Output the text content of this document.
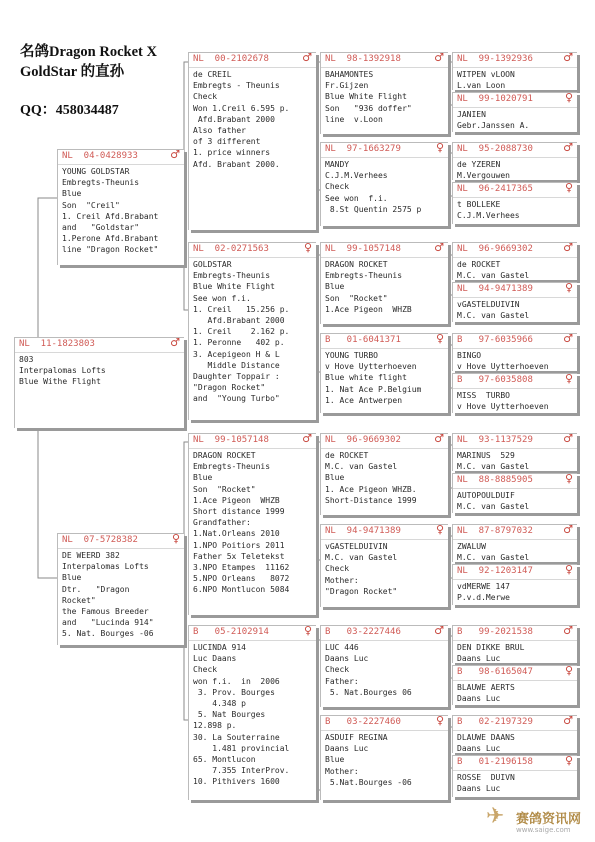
名鸽Dragon Rocket X
GoldStar 的直孙
QQ：458034487
NL  11-1823803	♂
803
Interpalomas Lofts
Blue Withe Flight
NL  04-0428933	♂
YOUNG GOLDSTAR
Embregts-Theunis
Blue
Son  "Creil"
1. Creil Afd.Brabant
and   "Goldstar"
1.Perone Afd.Brabant
line "Dragon Rocket"
NL  07-5728382	♀
DE WEERD 382
Interpalomas Lofts
Blue
Dtr.   "Dragon
Rocket"
the Famous Breeder
and   "Lucinda 914"
5. Nat. Bourges -06
NL  00-2102678	♂
de CREIL
Embregts - Theunis
Check
Won 1.Creil 6.595 p.
Afd.Brabant 2000
Also father
of 3 different
1. price winners
Afd. Brabant 2000.
NL  02-0271563	♀
GOLDSTAR
Embregts-Theunis
Blue White Flight
See won f.i.
1. Creil   15.256 p.
Afd.Brabant 2000
1. Creil    2.162 p.
1. Peronne   402 p.
3. Acepigeon H & L
Middle Distance
Daughter Toppair :
"Dragon Rocket"
and  "Young Turbo"
NL  99-1057148	♂
DRAGON ROCKET
Embregts-Theunis
Blue
Son  "Rocket"
1.Ace Pigeon  WHZB
Short distance 1999
Grandfather:
1.Nat.Orleans 2010
1.NPO Poitiors 2011
Father 5x Teletekst
3.NPO Etampes  11162
5.NPO Orleans   8072
6.NPO Montlucon 5084
B   05-2102914	♀
LUCINDA 914
Luc Daans
Check
won f.i.  in  2006
3. Prov. Bourges
4.348 p
5. Nat Bourges
12.898 p.
30. La Souterraine
1.481 provincial
65. Montlucon
7.355 InterProv.
10. Pithivers 1600
NL  98-1392918	♂
BAHAMONTES
Fr.Gijzen
Blue White Flight
Son   "936 doffer"
line  v.Loon
NL  97-1663279	♀
MANDY
C.J.M.Verhees
Check
See won  f.i.
8.St Quentin 2575 p
NL  99-1057148	♂
DRAGON ROCKET
Embregts-Theunis
Blue
Son  "Rocket"
1.Ace Pigeon  WHZB
B   01-6041371	♀
YOUNG TURBO
v Hove Uytterhoeven
Blue white flight
1. Nat Ace P.Belgium
1. Ace Antwerpen
NL  96-9669302	♂
de ROCKET
M.C. van Gastel
Blue
1. Ace Pigeon WHZB.
Short-Distance 1999
NL  94-9471389	♀
vGASTELDUIVIN
M.C. van Gastel
Check
Mother:
"Dragon Rocket"
B   03-2227446	♂
LUC 446
Daans Luc
Check
Father:
5. Nat.Bourges 06
B   03-2227460	♀
ASDUIF REGINA
Daans Luc
Blue
Mother:
5.Nat.Bourges -06
NL  99-1392936	♂
WITPEN vLOON
L.van Loon
NL  99-1020791	♀
JANIEN
Gebr.Janssen A.
NL  95-2088730	♂
de YZEREN
M.Vergouwen
NL  96-2417365	♀
t BOLLEKE
C.J.M.Verhees
NL  96-9669302	♂
de ROCKET
M.C. van Gastel
NL  94-9471389	♀
vGASTELDUIVIN
M.C. van Gastel
B   97-6035966	♂
BINGO
v Hove Uytterhoeven
B   97-6035808	♀
MISS  TURBO
v Hove Uytterhoeven
NL  93-1137529	♂
MARINUS  529
M.C. van Gastel
NL  88-8885905	♀
AUTOPOULDUIF
M.C. van Gastel
NL  87-8797032	♂
ZWALUW
M.C. van Gastel
NL  92-1203147	♀
vdMERWE 147
P.v.d.Merwe
B   99-2021538	♂
DEN DIKKE BRUL
Daans Luc
B   98-6165047	♀
BLAUWE AERTS
Daans Luc
B   02-2197329	♂
DLAUWE DAANS
Daans Luc
B   01-2196158	♀
ROSSE  DUIVN
Daans Luc
✈ 赛鸽资讯网
www.saige.com
